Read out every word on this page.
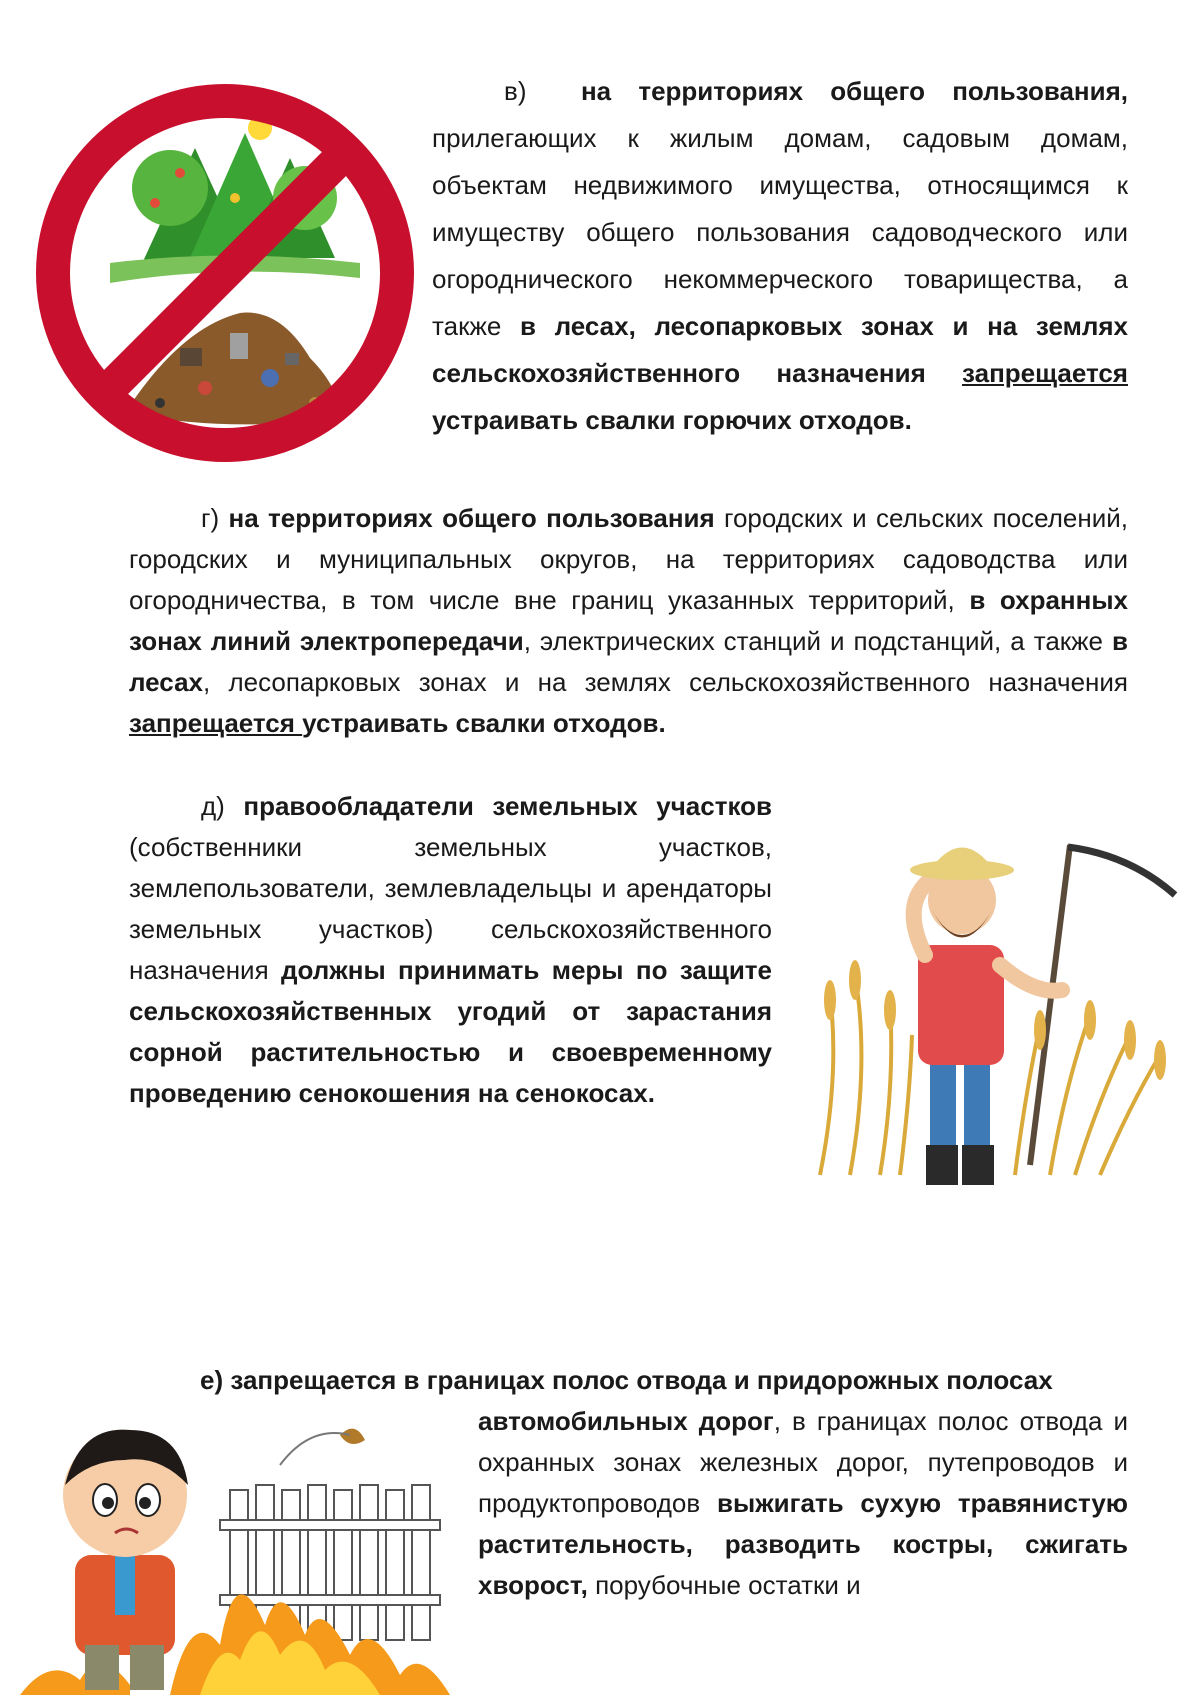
в) на территориях общего пользования, прилегающих к жилым домам, садовым домам, объектам недвижимого имущества, относящимся к имуществу общего пользования садоводческого или огороднического некоммерческого товарищества, а также в лесах, лесопарковых зонах и на землях сельскохозяйственного назначения запрещается устраивать свалки горючих отходов.
г) на территориях общего пользования городских и сельских поселений, городских и муниципальных округов, на территориях садоводства или огородничества, в том числе вне границ указанных территорий, в охранных зонах линий электропередачи, электрических станций и подстанций, а также в лесах, лесопарковых зонах и на землях сельскохозяйственного назначения запрещается устраивать свалки отходов.
д) правообладатели земельных участков (собственники земельных участков, землепользователи, землевладельцы и арендаторы земельных участков) сельскохозяйственного назначения должны принимать меры по защите сельскохозяйственных угодий от зарастания сорной растительностью и своевременному проведению сенокошения на сенокосах.
е) запрещается в границах полос отвода и придорожных полосах
автомобильных дорог, в границах полос отвода и охранных зонах железных дорог, путепроводов и продуктопроводов выжигать сухую травянистую растительность, разводить костры, сжигать хворост, порубочные остатки и
